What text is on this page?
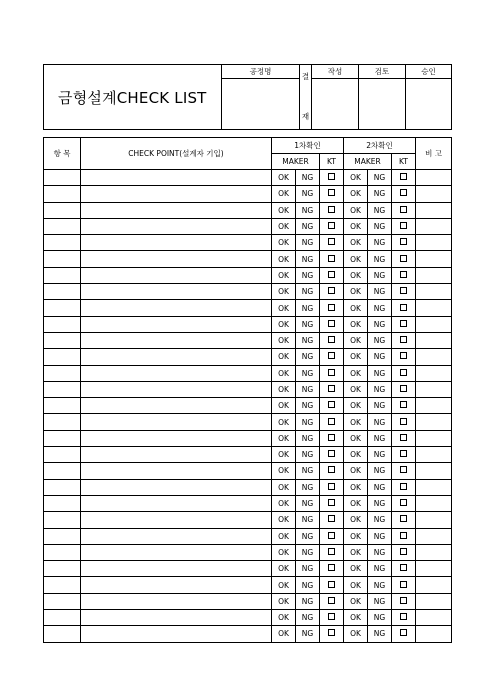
금형설계CHECK LIST	공정명	결

재	작성	검토	승인

항 목	CHECK POINT(설계자 기입)	1차확인			2차확인			비 고
		MAKER		KT	MAKER		KT	
		OK	NG		OK	NG		
		OK	NG		OK	NG		
		OK	NG		OK	NG		
		OK	NG		OK	NG		
		OK	NG		OK	NG		
		OK	NG		OK	NG		
		OK	NG		OK	NG		
		OK	NG		OK	NG		
		OK	NG		OK	NG		
		OK	NG		OK	NG		
		OK	NG		OK	NG		
		OK	NG		OK	NG		
		OK	NG		OK	NG		
		OK	NG		OK	NG		
		OK	NG		OK	NG		
		OK	NG		OK	NG		
		OK	NG		OK	NG		
		OK	NG		OK	NG		
		OK	NG		OK	NG		
		OK	NG		OK	NG		
		OK	NG		OK	NG		
		OK	NG		OK	NG		
		OK	NG		OK	NG		
		OK	NG		OK	NG		
		OK	NG		OK	NG		
		OK	NG		OK	NG		
		OK	NG		OK	NG		
		OK	NG		OK	NG		
		OK	NG		OK	NG		
